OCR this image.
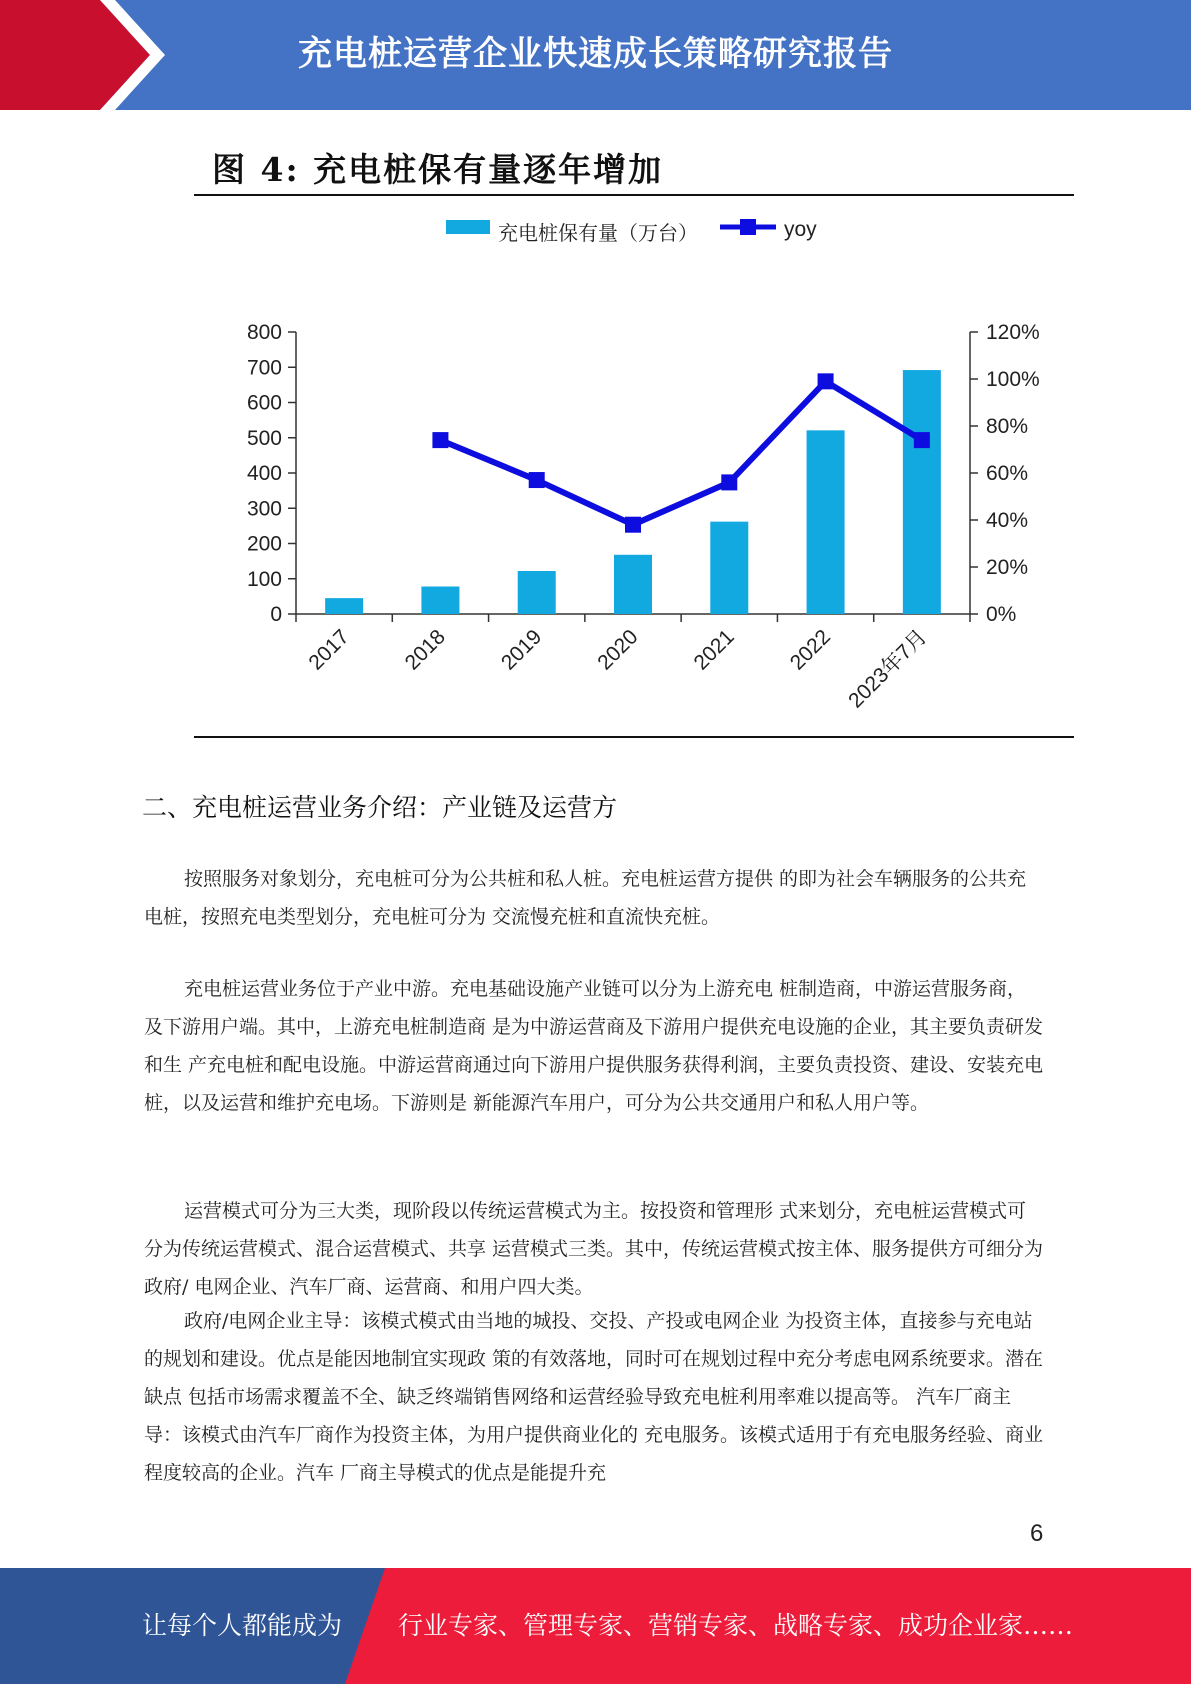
充电桩运营企业快速成长策略研究报告
图 4: 充电桩保有量逐年增加
0
100
200
300
400
500
600
700
800
0%
20%
40%
60%
80%
100%
120%
2017 2018 2019 2020 2021 2022 2023年7月
充电桩保有量（万台）	yoy
二、充电桩运营业务介绍：产业链及运营方

按照服务对象划分，充电桩可分为公共桩和私人桩。充电桩运营方提供 的即为社会车辆服务的公共充电桩，按照充电类型划分，充电桩可分为 交流慢充桩和直流快充桩。

充电桩运营业务位于产业中游。充电基础设施产业链可以分为上游充电 桩制造商，中游运营服务商，及下游用户端。其中，上游充电桩制造商 是为中游运营商及下游用户提供充电设施的企业，其主要负责研发和生 产充电桩和配电设施。中游运营商通过向下游用户提供服务获得利润，主要负责投资、建设、安装充电桩，以及运营和维护充电场。下游则是 新能源汽车用户，可分为公共交通用户和私人用户等。

运营模式可分为三大类，现阶段以传统运营模式为主。按投资和管理形 式来划分，充电桩运营模式可分为传统运营模式、混合运营模式、共享 运营模式三类。其中，传统运营模式按主体、服务提供方可细分为政府/ 电网企业、汽车厂商、运营商、和用户四大类。

政府/电网企业主导：该模式模式由当地的城投、交投、产投或电网企业 为投资主体，直接参与充电站的规划和建设。优点是能因地制宜实现政 策的有效落地，同时可在规划过程中充分考虑电网系统要求。潜在缺点 包括市场需求覆盖不全、缺乏终端销售网络和运营经验导致充电桩利用率难以提高等。 汽车厂商主导：该模式由汽车厂商作为投资主体，为用户提供商业化的 充电服务。该模式适用于有充电服务经验、商业程度较高的企业。汽车 厂商主导模式的优点是能提升充

6
让每个人都能成为 行业专家、管理专家、营销专家、战略专家、成功企业家……
